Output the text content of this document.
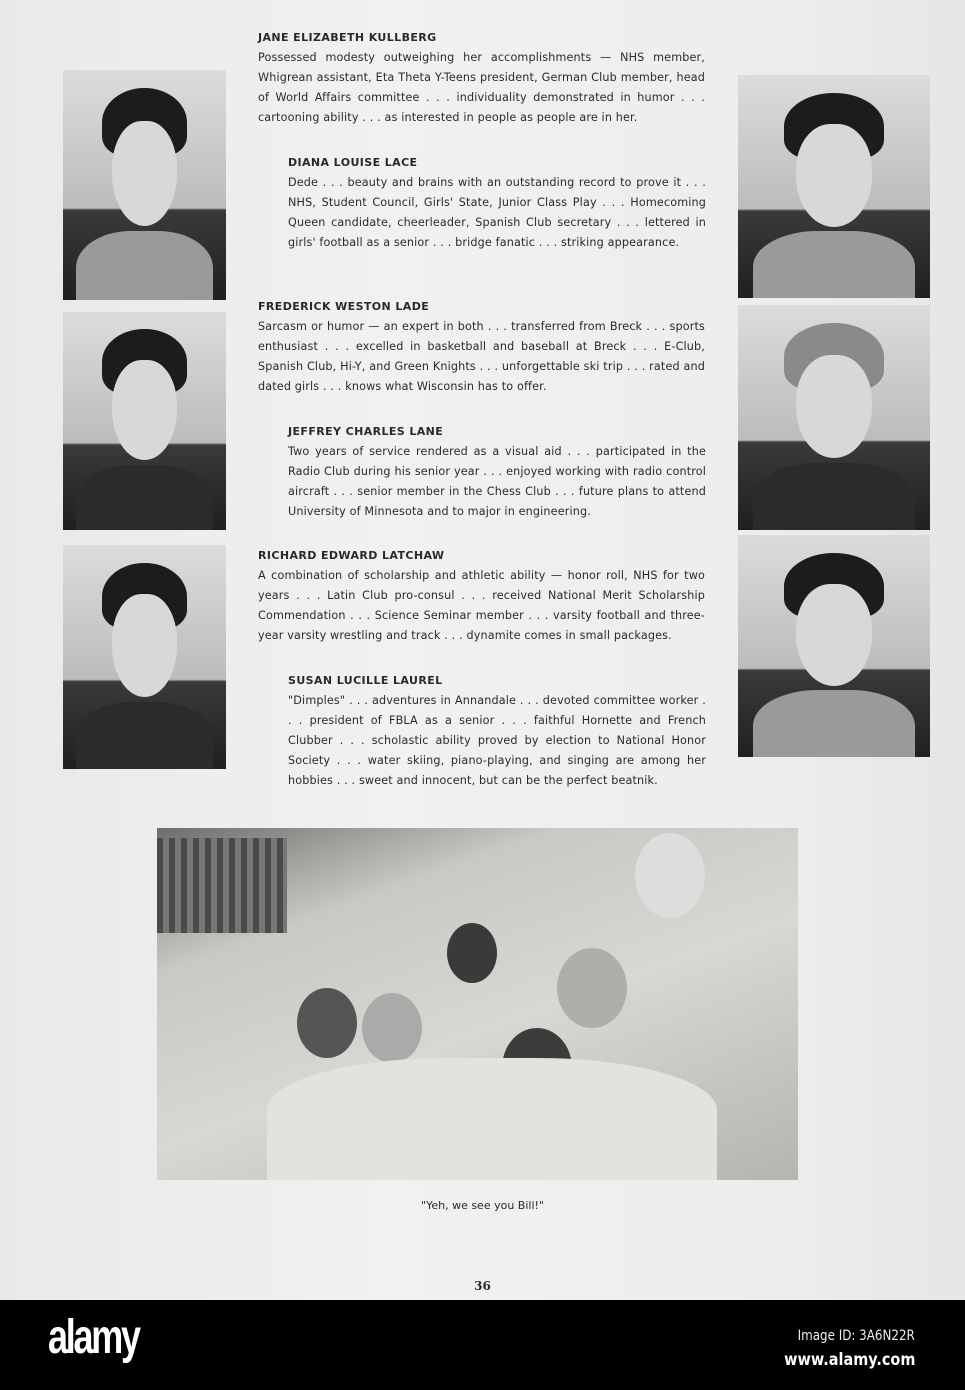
JANE ELIZABETH KULLBERG
Possessed modesty outweighing her accomplishments — NHS member, Whigrean assistant, Eta Theta Y-Teens president, German Club member, head of World Affairs committee . . . individuality demonstrated in humor . . . cartooning ability . . . as interested in people as people are in her.
DIANA LOUISE LACE
Dede . . . beauty and brains with an outstanding record to prove it . . . NHS, Student Council, Girls' State, Junior Class Play . . . Homecoming Queen candidate, cheerleader, Spanish Club secretary . . . lettered in girls' football as a senior . . . bridge fanatic . . . striking appearance.
FREDERICK WESTON LADE
Sarcasm or humor — an expert in both . . . transferred from Breck . . . sports enthusiast . . . excelled in basketball and baseball at Breck . . . E-Club, Spanish Club, Hi-Y, and Green Knights . . . unforgettable ski trip . . . rated and dated girls . . . knows what Wisconsin has to offer.
JEFFREY CHARLES LANE
Two years of service rendered as a visual aid . . . participated in the Radio Club during his senior year . . . enjoyed working with radio control aircraft . . . senior member in the Chess Club . . . future plans to attend University of Minnesota and to major in engineering.
RICHARD EDWARD LATCHAW
A combination of scholarship and athletic ability — honor roll, NHS for two years . . . Latin Club pro-consul . . . received National Merit Scholarship Commendation . . . Science Seminar member . . . varsity football and three-year varsity wrestling and track . . . dynamite comes in small packages.
SUSAN LUCILLE LAUREL
"Dimples" . . . adventures in Annandale . . . devoted committee worker . . . president of FBLA as a senior . . . faithful Hornette and French Clubber . . . scholastic ability proved by election to National Honor Society . . . water skiing, piano-playing, and singing are among her hobbies . . . sweet and innocent, but can be the perfect beatnik.
"Yeh, we see you Bill!"
36
alamy	Image ID: 3A6N22R
www.alamy.com
